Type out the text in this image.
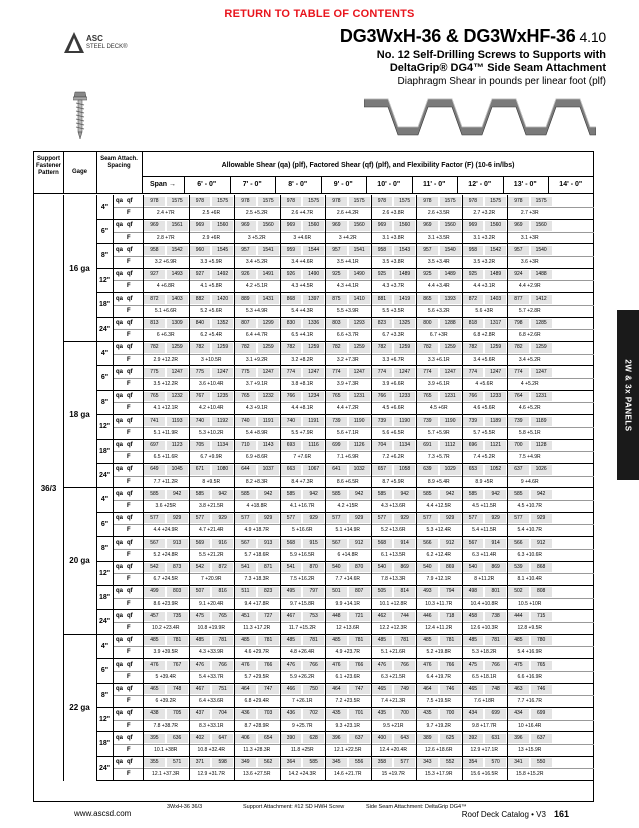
RETURN TO TABLE OF CONTENTS
ASC
STEEL DECK®
DG3WxH-36 & DG3WxHF-36 4.10
No. 12 Self-Drilling Screws to Supports with
DeltaGrip® DG4™ Side Seam Attachment
Diaphragm Shear in pounds per linear foot (plf)
Support Fastener Pattern	Gage
Seam Attach. Spacing	Allowable Shear (qa) (plf), Factored Shear (qf) (plf), and Flexibility Factor (F) (10-6 in/lbs)
Span →	6' - 0"	7' - 0"	8' - 0"	9' - 0"	10' - 0"	11' - 0"	12' - 0"	13' - 0"	14' - 0"
36/3
16 ga
4"
qa qf
F
978	1575	978	1575	978	1575	978	1575	978	1575	978	1575	978	1575	978	1575	978	1575
2.4 +7R	2.5 +6R	2.5 +5.2R	2.6 +4.7R	2.6 +4.2R	2.6 +3.8R	2.6 +3.5R	2.7 +3.2R	2.7 +3R
6"
qa qf
F
969	1561	969	1560	969	1560	969	1560	969	1560	969	1560	969	1560	969	1560	969	1560
2.8 +7R	2.9 +6R	3 +5.2R	3 +4.6R	3 +4.2R	3.1 +3.8R	3.1 +3.5R	3.1 +3.2R	3.1 +3R
8"
qa qf
F
958	1542	960	1545	957	1541	959	1544	957	1541	958	1543	957	1540	958	1542	957	1540
3.2 +6.9R	3.3 +5.9R	3.4 +5.2R	3.4 +4.6R	3.5 +4.1R	3.5 +3.8R	3.5 +3.4R	3.5 +3.2R	3.6 +3R
12"
qa qf
F
927	1493	927	1492	926	1491	926	1490	925	1490	925	1489	925	1489	925	1489	924	1488
4 +6.8R	4.1 +5.8R	4.2 +5.1R	4.3 +4.5R	4.3 +4.1R	4.3 +3.7R	4.4 +3.4R	4.4 +3.1R	4.4 +2.9R
18"
qa qf
F
872	1403	882	1420	889	1431	868	1397	875	1410	881	1419	865	1393	872	1403	877	1412
5.1 +6.6R	5.2 +5.6R	5.3 +4.9R	5.4 +4.3R	5.5 +3.9R	5.5 +3.5R	5.6 +3.2R	5.6 +3R	5.7 +2.8R
24"
qa qf
F
813	1309	840	1352	807	1299	830	1336	803	1293	823	1325	800	1288	818	1317	798	1285
6 +6.3R	6.2 +5.4R	6.4 +4.7R	6.5 +4.1R	6.6 +3.7R	6.7 +3.3R	6.7 +3R	6.8 +2.8R	6.8 +2.6R
18 ga
4"
qa qf
F
782	1259	782	1259	782	1259	782	1259	782	1259	782	1259	782	1259	782	1259	782	1259
2.9 +12.2R	3 +10.5R	3.1 +9.2R	3.2 +8.2R	3.2 +7.3R	3.3 +6.7R	3.3 +6.1R	3.4 +5.6R	3.4 +5.2R
6"
qa qf
F
775	1247	775	1247	775	1247	774	1247	774	1247	774	1247	774	1247	774	1247	774	1247
3.5 +12.2R	3.6 +10.4R	3.7 +9.1R	3.8 +8.1R	3.9 +7.3R	3.9 +6.6R	3.9 +6.1R	4 +5.6R	4 +5.2R
8"
qa qf
F
765	1232	767	1235	765	1232	766	1234	765	1231	766	1233	765	1231	766	1233	764	1231
4.1 +12.1R	4.2 +10.4R	4.3 +9.1R	4.4 +8.1R	4.4 +7.2R	4.5 +6.6R	4.5 +6R	4.6 +5.6R	4.6 +5.2R
12"
qa qf
F
741	1193	740	1192	740	1191	740	1191	739	1190	739	1190	739	1190	739	1189	739	1189
5.1 +11.9R	5.3 +10.2R	5.4 +8.9R	5.5 +7.9R	5.6 +7.1R	5.6 +6.5R	5.7 +5.9R	5.7 +5.5R	5.8 +5.1R
18"
qa qf
F
697	1123	705	1134	710	1143	693	1116	699	1126	704	1134	691	1112	696	1121	700	1128
6.5 +11.6R	6.7 +9.9R	6.9 +8.6R	7 +7.6R	7.1 +6.9R	7.2 +6.2R	7.3 +5.7R	7.4 +5.2R	7.5 +4.9R
24"
qa qf
F
649	1045	671	1080	644	1037	663	1067	641	1032	657	1058	639	1029	653	1052	637	1026
7.7 +11.2R	8 +9.5R	8.2 +8.3R	8.4 +7.3R	8.6 +6.5R	8.7 +5.9R	8.9 +5.4R	8.9 +5R	9 +4.6R
20 ga
4"
qa qf
F
585	942	585	942	585	942	585	942	585	942	585	942	585	942	585	942	585	942
3.6 +25R	3.8 +21.5R	4 +18.8R	4.1 +16.7R	4.2 +15R	4.3 +13.6R	4.4 +12.5R	4.5 +11.5R	4.5 +10.7R
6"
qa qf
F
577	929	577	929	577	929	577	929	577	929	577	929	577	929	577	929	577	929
4.4 +24.9R	4.7 +21.4R	4.9 +18.7R	5 +16.6R	5.1 +14.9R	5.2 +13.6R	5.3 +12.4R	5.4 +11.5R	5.4 +10.7R
8"
qa qf
F
567	913	569	916	567	913	568	915	567	912	568	914	566	912	567	914	566	912
5.2 +24.8R	5.5 +21.2R	5.7 +18.6R	5.9 +16.5R	6 +14.8R	6.1 +13.5R	6.2 +12.4R	6.3 +11.4R	6.3 +10.6R
12"
qa qf
F
542	873	542	872	541	871	541	870	540	870	540	869	540	869	540	869	539	868
6.7 +24.5R	7 +20.9R	7.3 +18.3R	7.5 +16.2R	7.7 +14.6R	7.8 +13.3R	7.9 +12.1R	8 +11.2R	8.1 +10.4R
18"
qa qf
F
499	803	507	816	511	823	495	797	501	807	505	814	493	794	498	801	502	808
8.6 +23.9R	9.1 +20.4R	9.4 +17.8R	9.7 +15.8R	9.9 +14.1R	10.1 +12.8R	10.3 +11.7R	10.4 +10.8R	10.5 +10R
24"
qa qf
F
457	735	475	765	451	727	467	753	448	721	462	744	446	718	458	738	444	715
10.2 +23.4R	10.8 +19.9R	11.3 +17.2R	11.7 +15.2R	12 +13.6R	12.2 +12.3R	12.4 +11.2R	12.6 +10.3R	12.8 +9.5R
22 ga
4"
qa qf
F
485	781	485	781	485	781	485	781	485	781	485	781	485	781	485	781	485	780
3.9 +39.5R	4.3 +33.9R	4.6 +29.7R	4.8 +26.4R	4.9 +23.7R	5.1 +21.6R	5.2 +19.8R	5.3 +18.2R	5.4 +16.9R
6"
qa qf
F
476	767	476	766	476	766	476	766	476	766	476	766	476	766	475	766	475	765
5 +39.4R	5.4 +33.7R	5.7 +29.5R	5.9 +26.2R	6.1 +23.6R	6.3 +21.5R	6.4 +19.7R	6.5 +18.1R	6.6 +16.9R
8"
qa qf
F
465	748	467	751	464	747	466	750	464	747	465	749	464	746	465	748	463	746
6 +39.2R	6.4 +33.6R	6.8 +29.4R	7 +26.1R	7.2 +23.5R	7.4 +21.3R	7.5 +19.5R	7.6 +18R	7.7 +16.7R
12"
qa qf
F
438	705	437	704	436	703	436	702	435	701	435	700	435	700	434	699	434	699
7.8 +38.7R	8.3 +33.1R	8.7 +28.9R	9 +25.7R	9.3 +23.1R	9.5 +21R	9.7 +19.2R	9.8 +17.7R	10 +16.4R
18"
qa qf
F
395	636	402	647	406	654	390	628	396	637	400	643	389	625	392	631	396	637
10.1 +38R	10.8 +32.4R	11.3 +28.3R	11.8 +25R	12.1 +22.5R	12.4 +20.4R	12.6 +18.6R	12.9 +17.1R	13 +15.9R
24"
qa qf
F
355	571	371	598	349	562	364	585	345	556	358	577	343	552	354	570	341	550
12.1 +37.3R	12.9 +31.7R	13.6 +27.5R	14.2 +24.3R	14.6 +21.7R	15 +19.7R	15.3 +17.9R	15.6 +16.5R	15.8 +15.2R
3WxH-36 36/3	Support Attachment: #12 SD HWH Screw	Side Seam Attachment: DeltaGrip DG4™
2W & 3x PANELS
www.ascsd.com	Roof Deck Catalog • V3 161
